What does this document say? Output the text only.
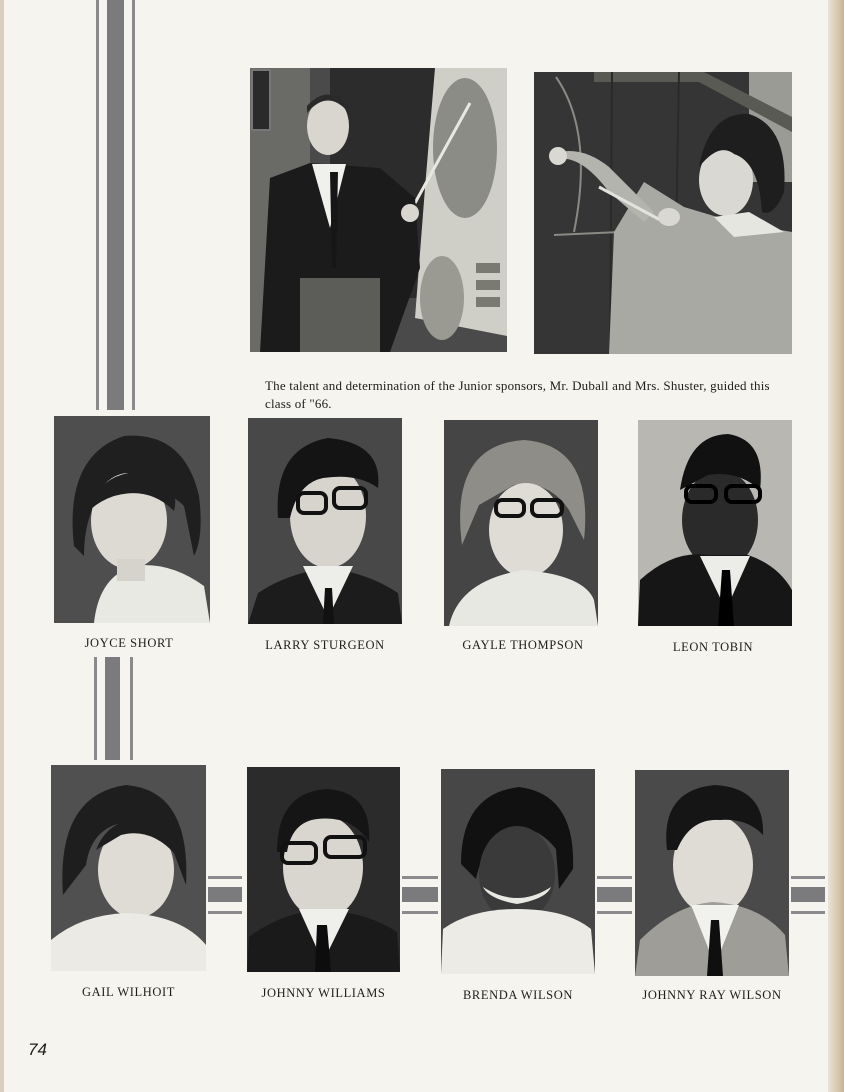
The talent and determination of the Junior sponsors, Mr. Duball and Mrs. Shuster, guided this class of "66.

JOYCE SHORT	LARRY STURGEON	GAYLE THOMPSON	LEON TOBIN
GAIL WILHOIT	JOHNNY WILLIAMS	BRENDA WILSON	JOHNNY RAY WILSON
74
